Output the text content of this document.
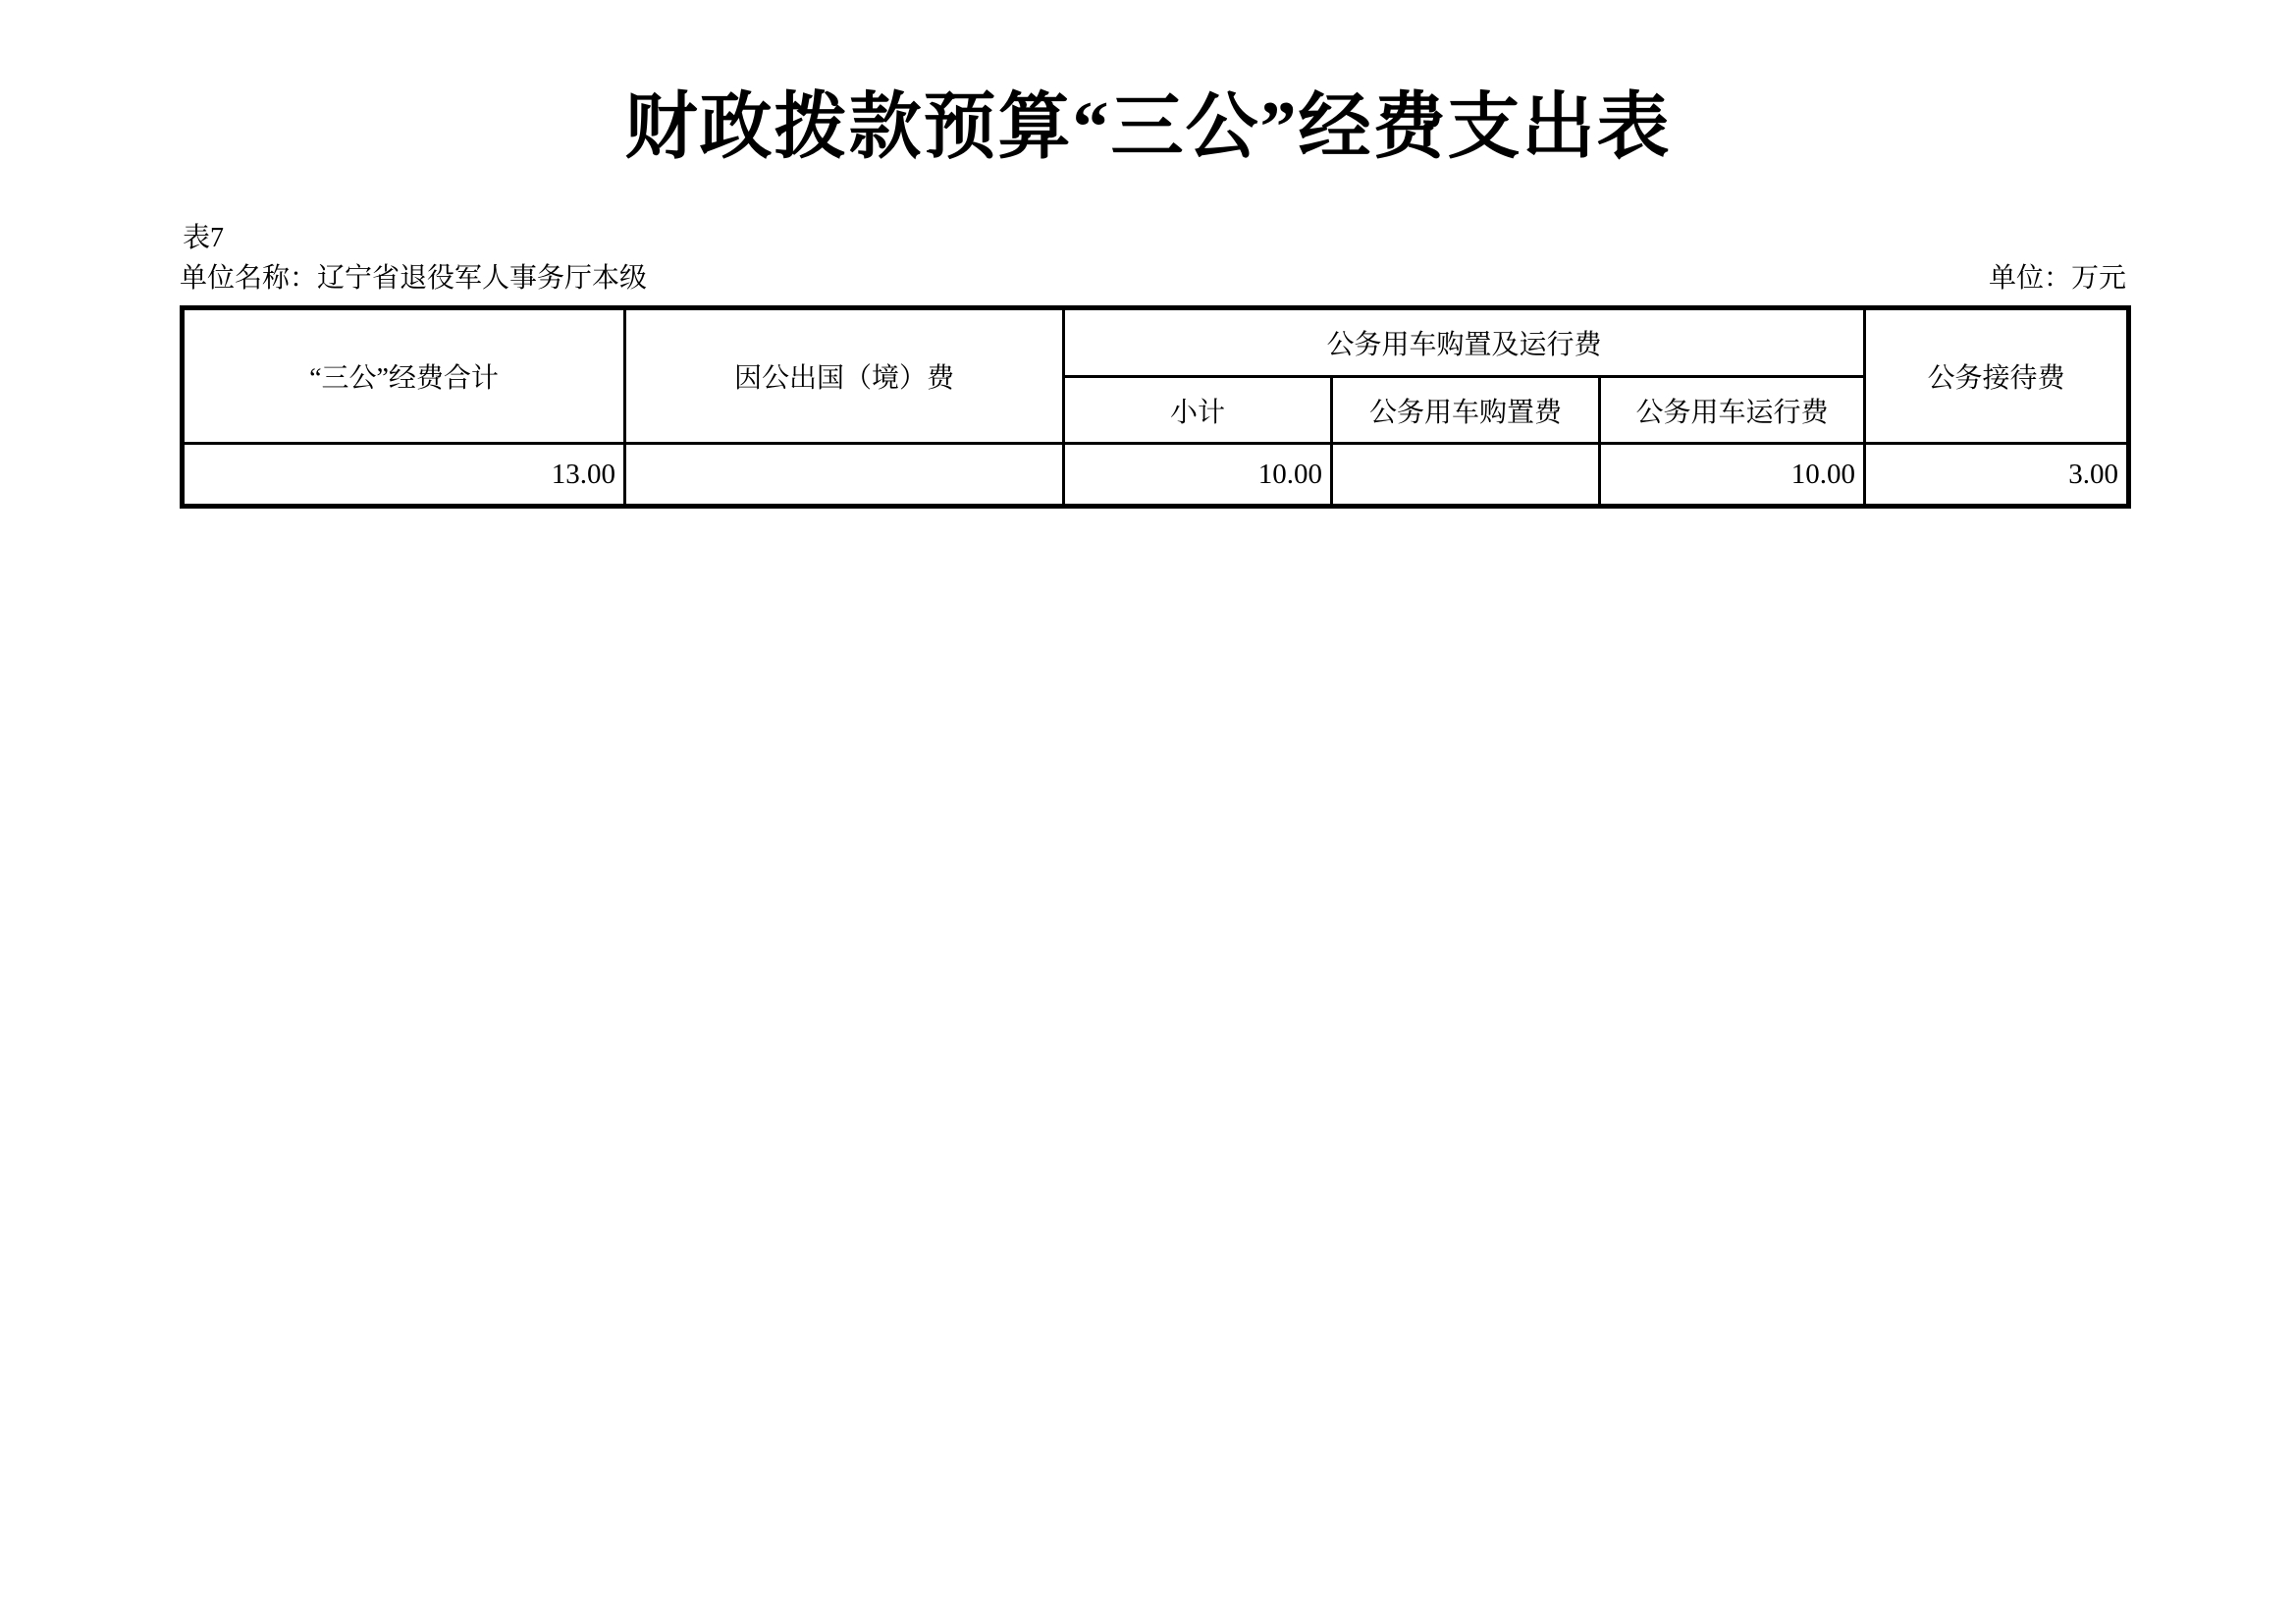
财政拨款预算“三公”经费支出表
表7
单位名称：辽宁省退役军人事务厅本级	单位：万元
“三公”经费合计	因公出国（境）费	公务用车购置及运行费			公务接待费
		小计	公务用车购置费	公务用车运行费	
13.00		10.00		10.00	3.00
